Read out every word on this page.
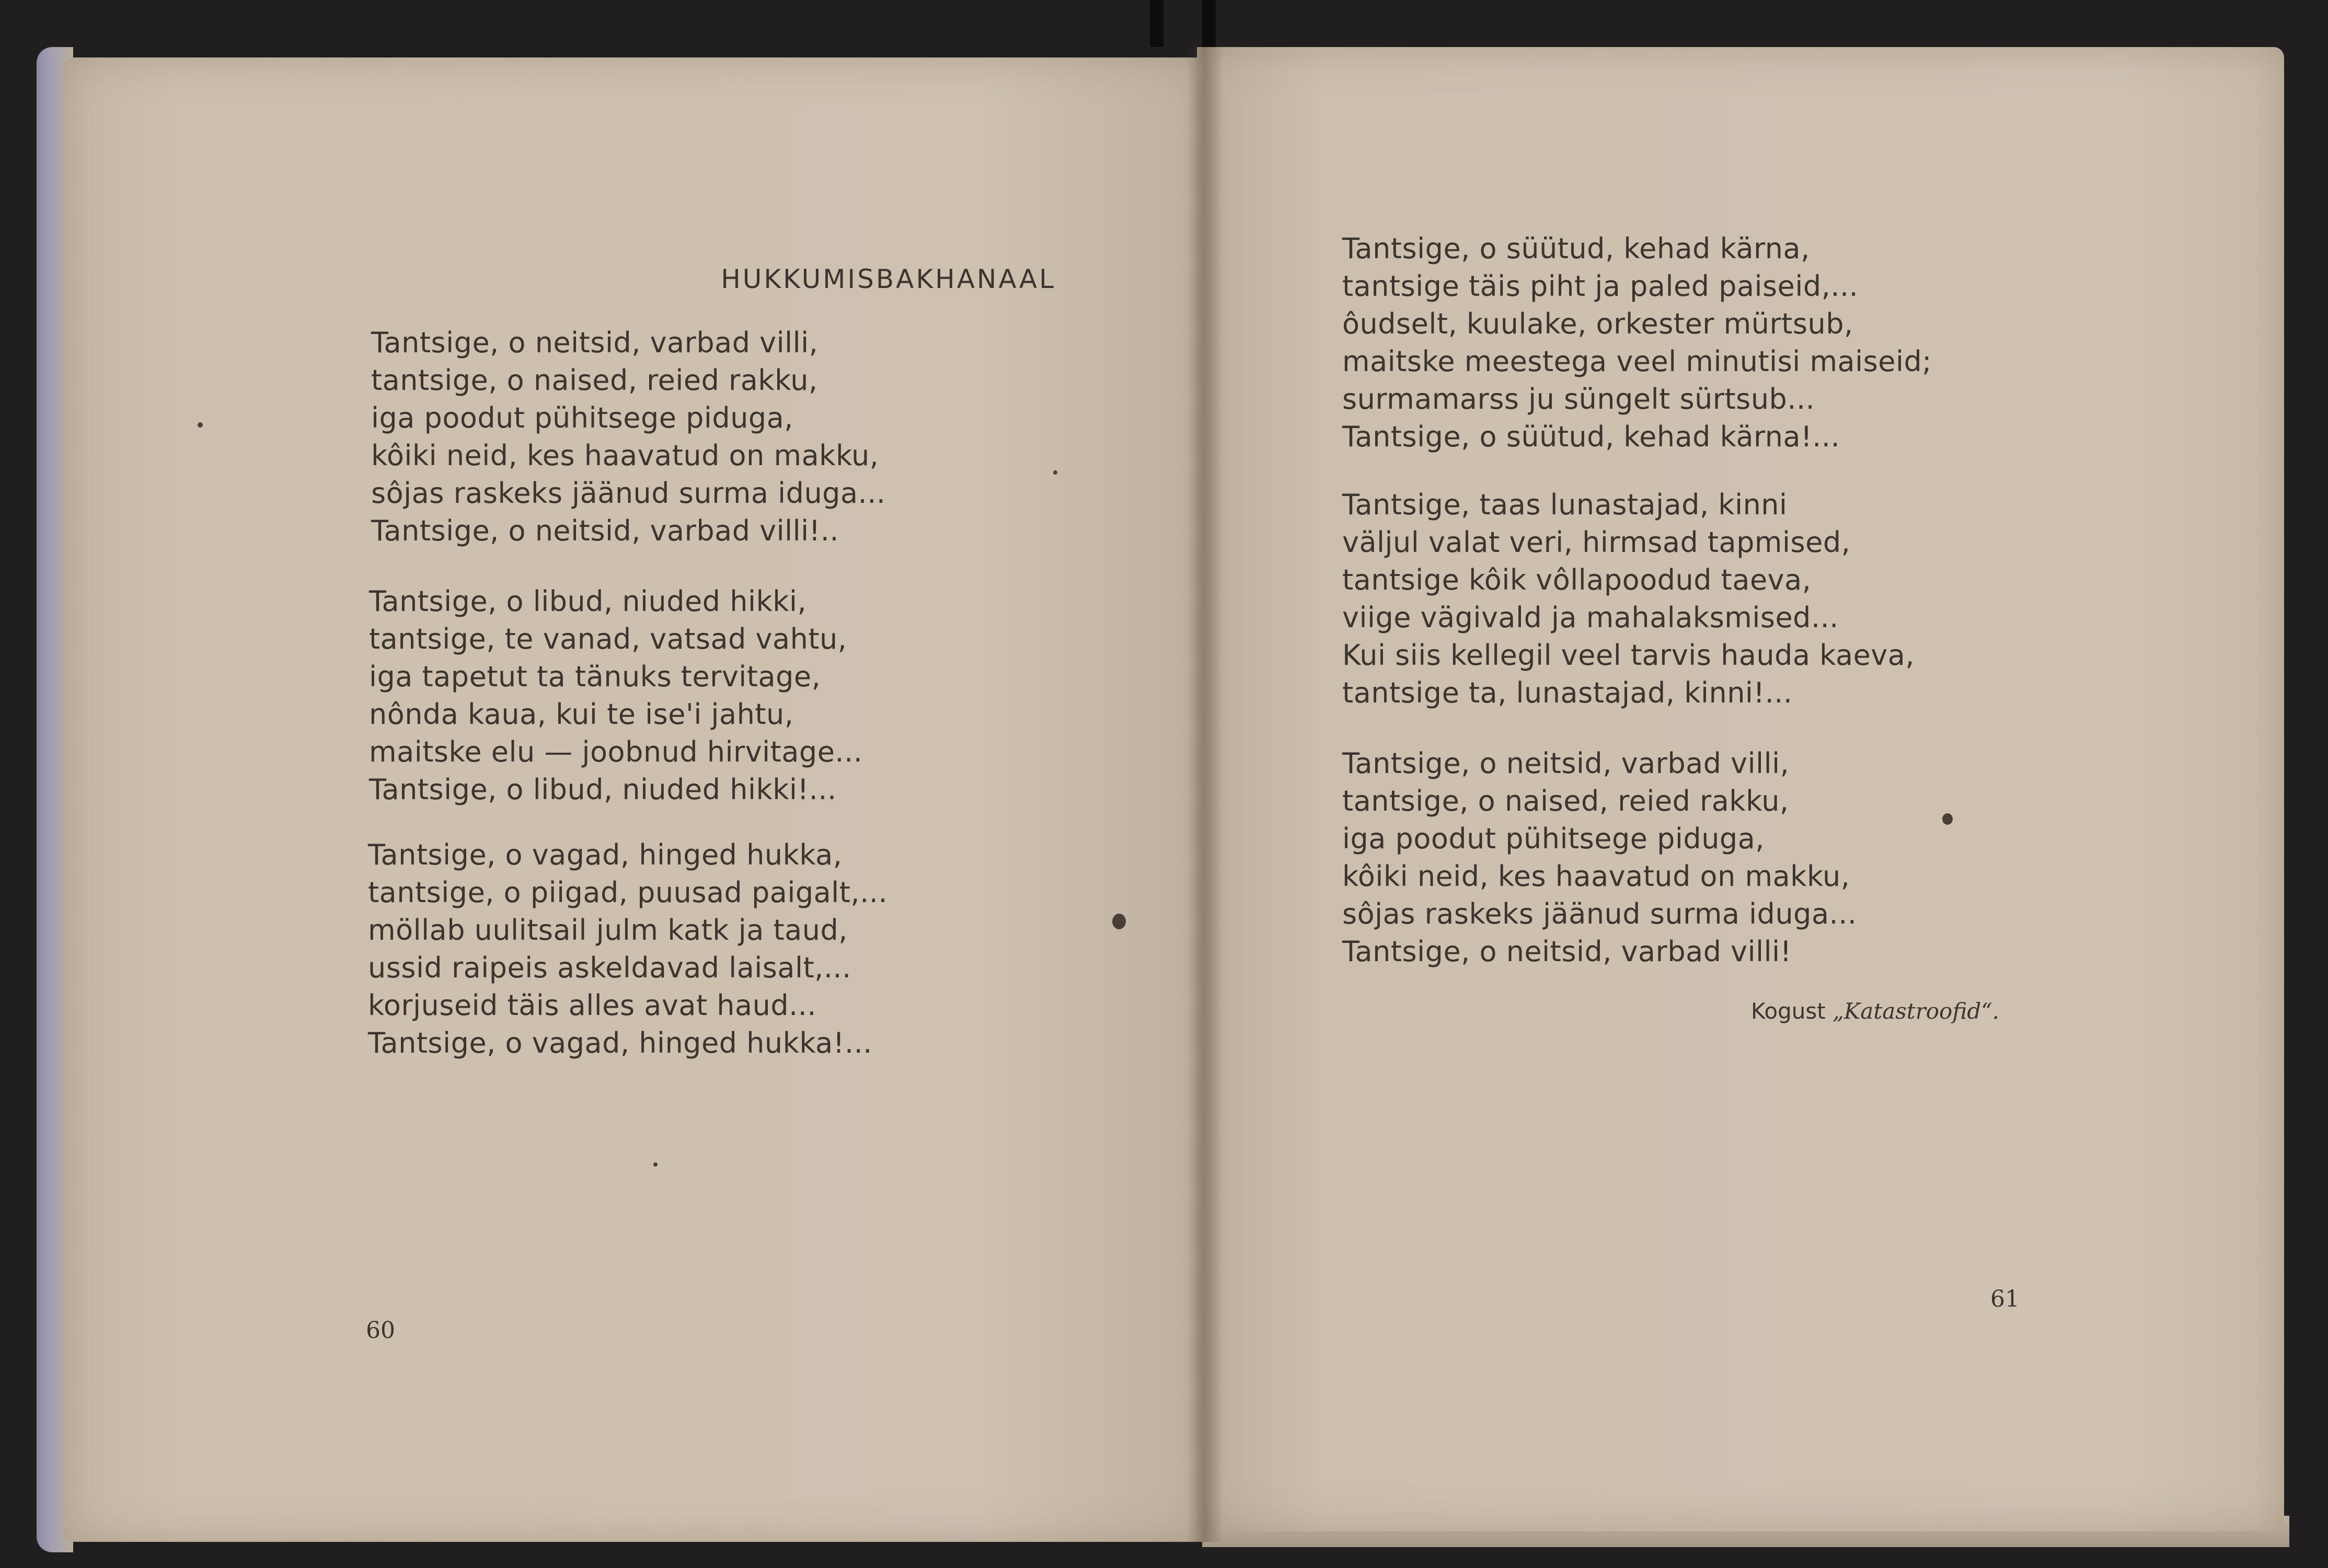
HUKKUMISBAKHANAAL
Tantsige, o neitsid, varbad villi,
tantsige, o naised, reied rakku,
iga poodut pühitsege piduga,
kôiki neid, kes haavatud on makku,
sôjas raskeks jäänud surma iduga...
Tantsige, o neitsid, varbad villi!..
Tantsige, o libud, niuded hikki,
tantsige, te vanad, vatsad vahtu,
iga tapetut ta tänuks tervitage,
nônda kaua, kui te ise'i jahtu,
maitske elu — joobnud hirvitage...
Tantsige, o libud, niuded hikki!...
Tantsige, o vagad, hinged hukka,
tantsige, o piigad, puusad paigalt,...
möllab uulitsail julm katk ja taud,
ussid raipeis askeldavad laisalt,...
korjuseid täis alles avat haud...
Tantsige, o vagad, hinged hukka!...
60
Tantsige, o süütud, kehad kärna,
tantsige täis piht ja paled paiseid,...
ôudselt, kuulake, orkester mürtsub,
maitske meestega veel minutisi maiseid;
surmamarss ju süngelt sürtsub...
Tantsige, o süütud, kehad kärna!...
Tantsige, taas lunastajad, kinni
väljul valat veri, hirmsad tapmised,
tantsige kôik vôllapoodud taeva,
viige vägivald ja mahalaksmised...
Kui siis kellegil veel tarvis hauda kaeva,
tantsige ta, lunastajad, kinni!...
Tantsige, o neitsid, varbad villi,
tantsige, o naised, reied rakku,
iga poodut pühitsege piduga,
kôiki neid, kes haavatud on makku,
sôjas raskeks jäänud surma iduga...
Tantsige, o neitsid, varbad villi!
Kogust „Katastroofid“.
61
